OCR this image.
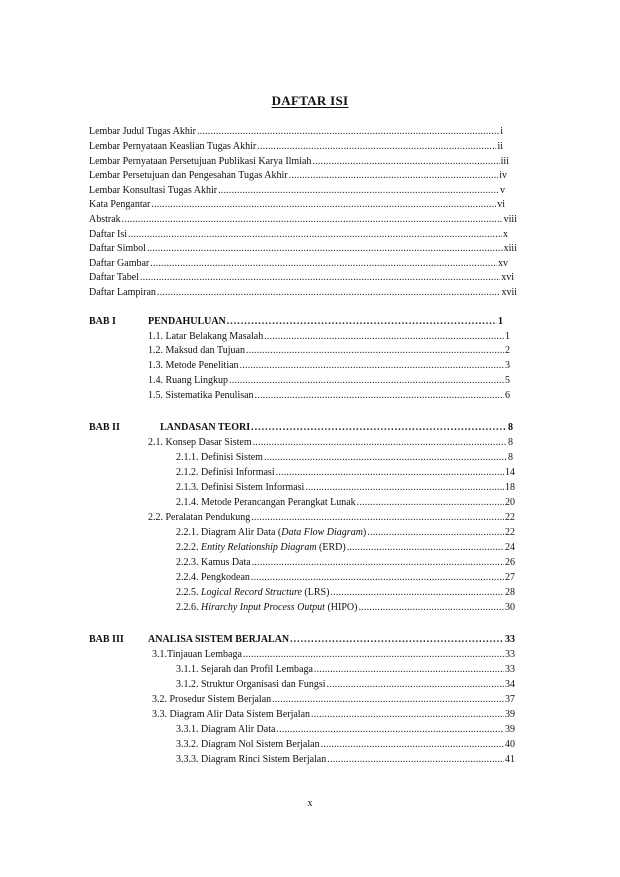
DAFTAR ISI
Lembar Judul Tugas Akhir .....	i
Lembar Pernyataan Keaslian Tugas Akhir .....	ii
Lembar Pernyataan Persetujuan Publikasi Karya Ilmiah .....	iii
Lembar Persetujuan dan Pengesahan Tugas Akhir .....	iv
Lembar Konsultasi Tugas Akhir .....	v
Kata Pengantar .....	vi
Abstrak .....	viii
Daftar Isi .....	x
Daftar Simbol .....	xiii
Daftar Gambar .....	xv
Daftar Tabel .....	xvi
Daftar Lampiran .....	xvii
BAB I	PENDAHULUAN .....	1
1.1. Latar Belakang Masalah .....	1
1.2. Maksud dan Tujuan .....	2
1.3. Metode Penelitian .....	3
1.4. Ruang Lingkup .....	5
1.5. Sistematika Penulisan .....	6
BAB II	LANDASAN TEORI .....	8
2.1. Konsep Dasar Sistem .....	8
2.1.1. Definisi Sistem .....	8
2.1.2. Definisi Informasi .....	14
2.1.3. Definisi Sistem Informasi .....	18
2.1.4. Metode Perancangan Perangkat Lunak .....	20
2.2. Peralatan Pendukung .....	22
2.2.1. Diagram Alir Data (Data Flow Diagram) .....	22
2.2.2. Entity Relationship Diagram (ERD) .....	24
2.2.3. Kamus Data .....	26
2.2.4. Pengkodean .....	27
2.2.5. Logical Record Structure (LRS) .....	28
2.2.6. Hirarchy Input Process Output (HIPO) .....	30
BAB III ANALISA SISTEM BERJALAN .....	33
3.1.Tinjauan Lembaga .....	33
3.1.1. Sejarah dan Profil Lembaga .....	33
3.1.2. Struktur Organisasi dan Fungsi .....	34
3.2. Prosedur Sistem Berjalan .....	37
3.3. Diagram Alir Data Sistem Berjalan .....	39
3.3.1. Diagram Alir Data .....	39
3.3.2. Diagram Nol Sistem Berjalan .....	40
3.3.3. Diagram Rinci Sistem Berjalan .....	41
x
